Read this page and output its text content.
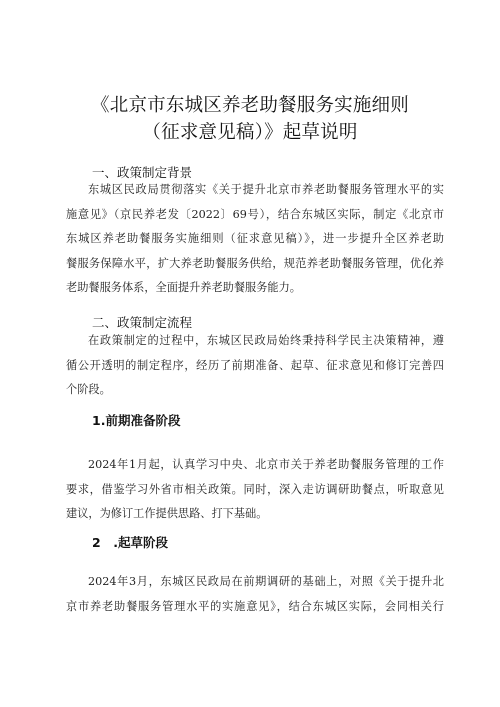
《北京市东城区养老助餐服务实施细则
（征求意见稿）》起草说明
一、政策制定背景
东城区民政局贯彻落实《关于提升北京市养老助餐服务管理水平的实
施意见》（京民养老发〔2022〕69号），结合东城区实际，制定《北京市
东城区养老助餐服务实施细则（征求意见稿）》，进一步提升全区养老助
餐服务保障水平，扩大养老助餐服务供给，规范养老助餐服务管理，优化养
老助餐服务体系，全面提升养老助餐服务能力。
二、政策制定流程
在政策制定的过程中，东城区民政局始终秉持科学民主决策精神，遵
循公开透明的制定程序，经历了前期准备、起草、征求意见和修订完善四
个阶段。
1.前期准备阶段
2024年1月起，认真学习中央、北京市关于养老助餐服务管理的工作
要求，借鉴学习外省市相关政策。同时，深入走访调研助餐点，听取意见
建议，为修订工作提供思路、打下基础。
2　.起草阶段
2024年3月，东城区民政局在前期调研的基础上，对照《关于提升北
京市养老助餐服务管理水平的实施意见》，结合东城区实际，会同相关行
